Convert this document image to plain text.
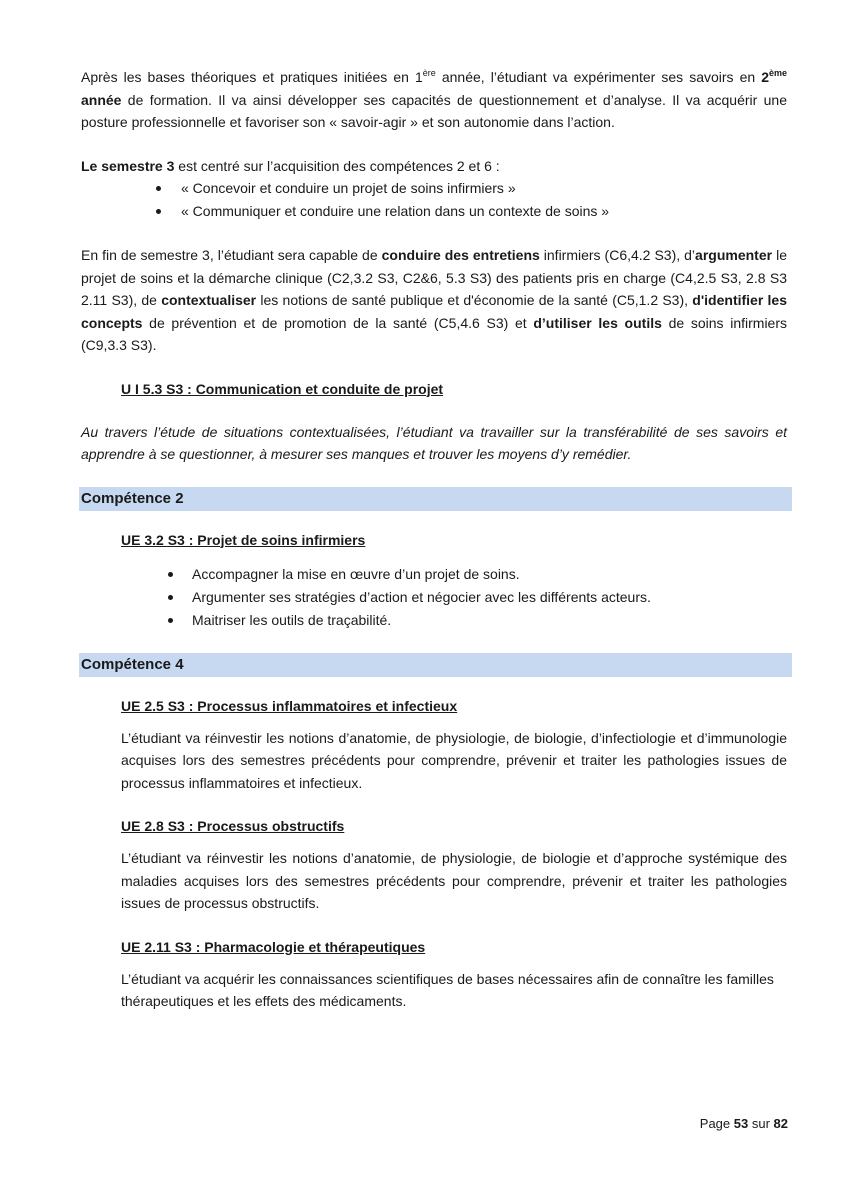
Après les bases théoriques et pratiques initiées en 1ère année, l’étudiant va expérimenter ses savoirs en 2ème année de formation. Il va ainsi développer ses capacités de questionnement et d’analyse. Il va acquérir une posture professionnelle et favoriser son « savoir-agir » et son autonomie dans l’action.

Le semestre 3 est centré sur l’acquisition des compétences 2 et 6 :

« Concevoir et conduire un projet de soins infirmiers »
« Communiquer et conduire une relation dans un contexte de soins »

En fin de semestre 3, l’étudiant sera capable de conduire des entretiens infirmiers (C6,4.2 S3), d’argumenter le projet de soins et la démarche clinique (C2,3.2 S3, C2&6, 5.3 S3) des patients pris en charge (C4,2.5 S3, 2.8 S3 2.11 S3), de contextualiser les notions de santé publique et d'économie de la santé (C5,1.2 S3), d'identifier les concepts de prévention et de promotion de la santé (C5,4.6 S3) et d’utiliser les outils de soins infirmiers (C9,3.3 S3).

U I 5.3 S3 : Communication et conduite de projet

Au travers l’étude de situations contextualisées, l’étudiant va travailler sur la transférabilité de ses savoirs et apprendre à se questionner, à mesurer ses manques et trouver les moyens d’y remédier.

Compétence 2

UE 3.2 S3 : Projet de soins infirmiers

Accompagner la mise en œuvre d’un projet de soins.
Argumenter ses stratégies d’action et négocier avec les différents acteurs.
Maitriser les outils de traçabilité.
Compétence 4

UE 2.5 S3 : Processus inflammatoires et infectieux

L’étudiant va réinvestir les notions d’anatomie, de physiologie, de biologie, d’infectiologie et d’immunologie acquises lors des semestres précédents pour comprendre, prévenir et traiter les pathologies issues de processus inflammatoires et infectieux.

UE 2.8 S3 : Processus obstructifs

L’étudiant va réinvestir les notions d’anatomie, de physiologie, de biologie et d’approche systémique des maladies acquises lors des semestres précédents pour comprendre, prévenir et traiter les pathologies issues de processus obstructifs.

UE 2.11 S3 : Pharmacologie et thérapeutiques

L’étudiant va acquérir les connaissances scientifiques de bases nécessaires afin de connaître les familles thérapeutiques et les effets des médicaments.

Page 53 sur 82
